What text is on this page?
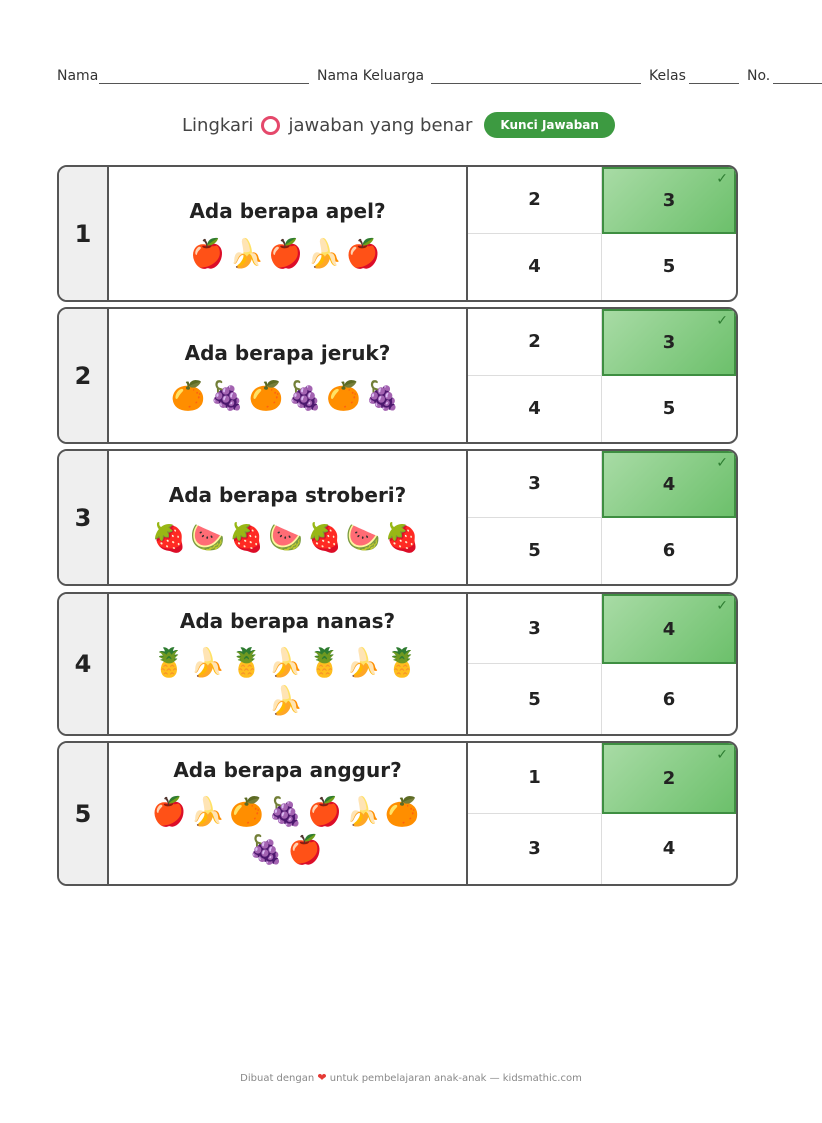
Nama	Nama Keluarga	Kelas	No.
Lingkari jawaban yang benar	Kunci Jawaban
1
Ada berapa apel?
🍎🍌🍎🍌🍎
2	3
✓
4	5
2
Ada berapa jeruk?
🍊🍇🍊🍇🍊🍇
2	3
✓
4	5
3
Ada berapa stroberi?
🍓🍉🍓🍉🍓🍉🍓
3	4
✓
5	6
4
Ada berapa nanas?
🍍🍌🍍🍌🍍🍌🍍🍌
3	4
✓
5	6
5
Ada berapa anggur?
🍎🍌🍊🍇🍎🍌🍊🍇🍎
1	2
✓
3	4
Dibuat dengan ❤ untuk pembelajaran anak-anak — kidsmathic.com
